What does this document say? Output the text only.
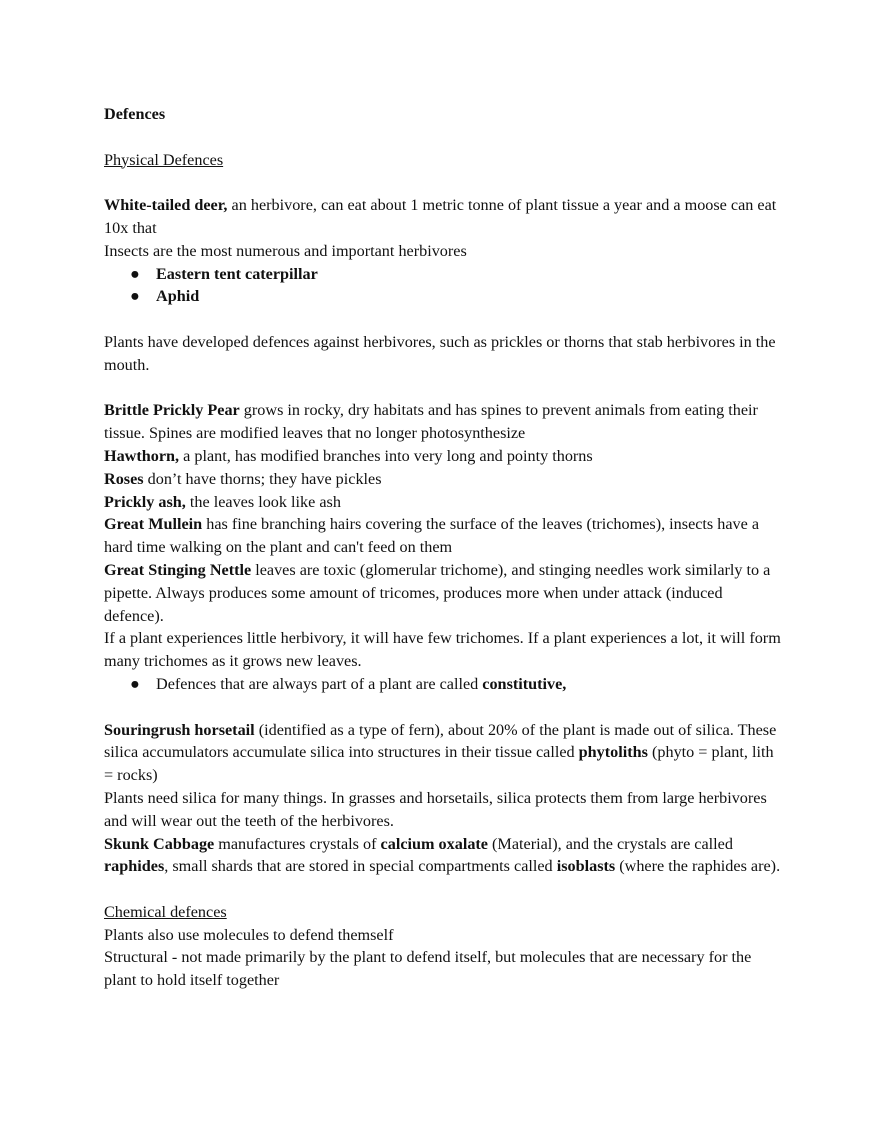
Defences

Physical Defences

White-tailed deer, an herbivore, can eat about 1 metric tonne of plant tissue a year and a moose can eat 10x that

Insects are the most numerous and important herbivores

● Eastern tent caterpillar
● Aphid

Plants have developed defences against herbivores, such as prickles or thorns that stab herbivores in the mouth.

Brittle Prickly Pear grows in rocky, dry habitats and has spines to prevent animals from eating their tissue. Spines are modified leaves that no longer photosynthesize

Hawthorn, a plant, has modified branches into very long and pointy thorns

Roses don’t have thorns; they have pickles

Prickly ash, the leaves look like ash

Great Mullein has fine branching hairs covering the surface of the leaves (trichomes), insects have a hard time walking on the plant and can't feed on them

Great Stinging Nettle leaves are toxic (glomerular trichome), and stinging needles work similarly to a pipette. Always produces some amount of tricomes, produces more when under attack (induced defence).

If a plant experiences little herbivory, it will have few trichomes. If a plant experiences a lot, it will form many trichomes as it grows new leaves.

● Defences that are always part of a plant are called constitutive,

Souringrush horsetail (identified as a type of fern), about 20% of the plant is made out of silica. These silica accumulators accumulate silica into structures in their tissue called phytoliths (phyto = plant, lith = rocks)

Plants need silica for many things. In grasses and horsetails, silica protects them from large herbivores and will wear out the teeth of the herbivores.

Skunk Cabbage manufactures crystals of calcium oxalate (Material), and the crystals are called raphides, small shards that are stored in special compartments called isoblasts (where the raphides are).

Chemical defences

Plants also use molecules to defend themself

Structural - not made primarily by the plant to defend itself, but molecules that are necessary for the plant to hold itself together
